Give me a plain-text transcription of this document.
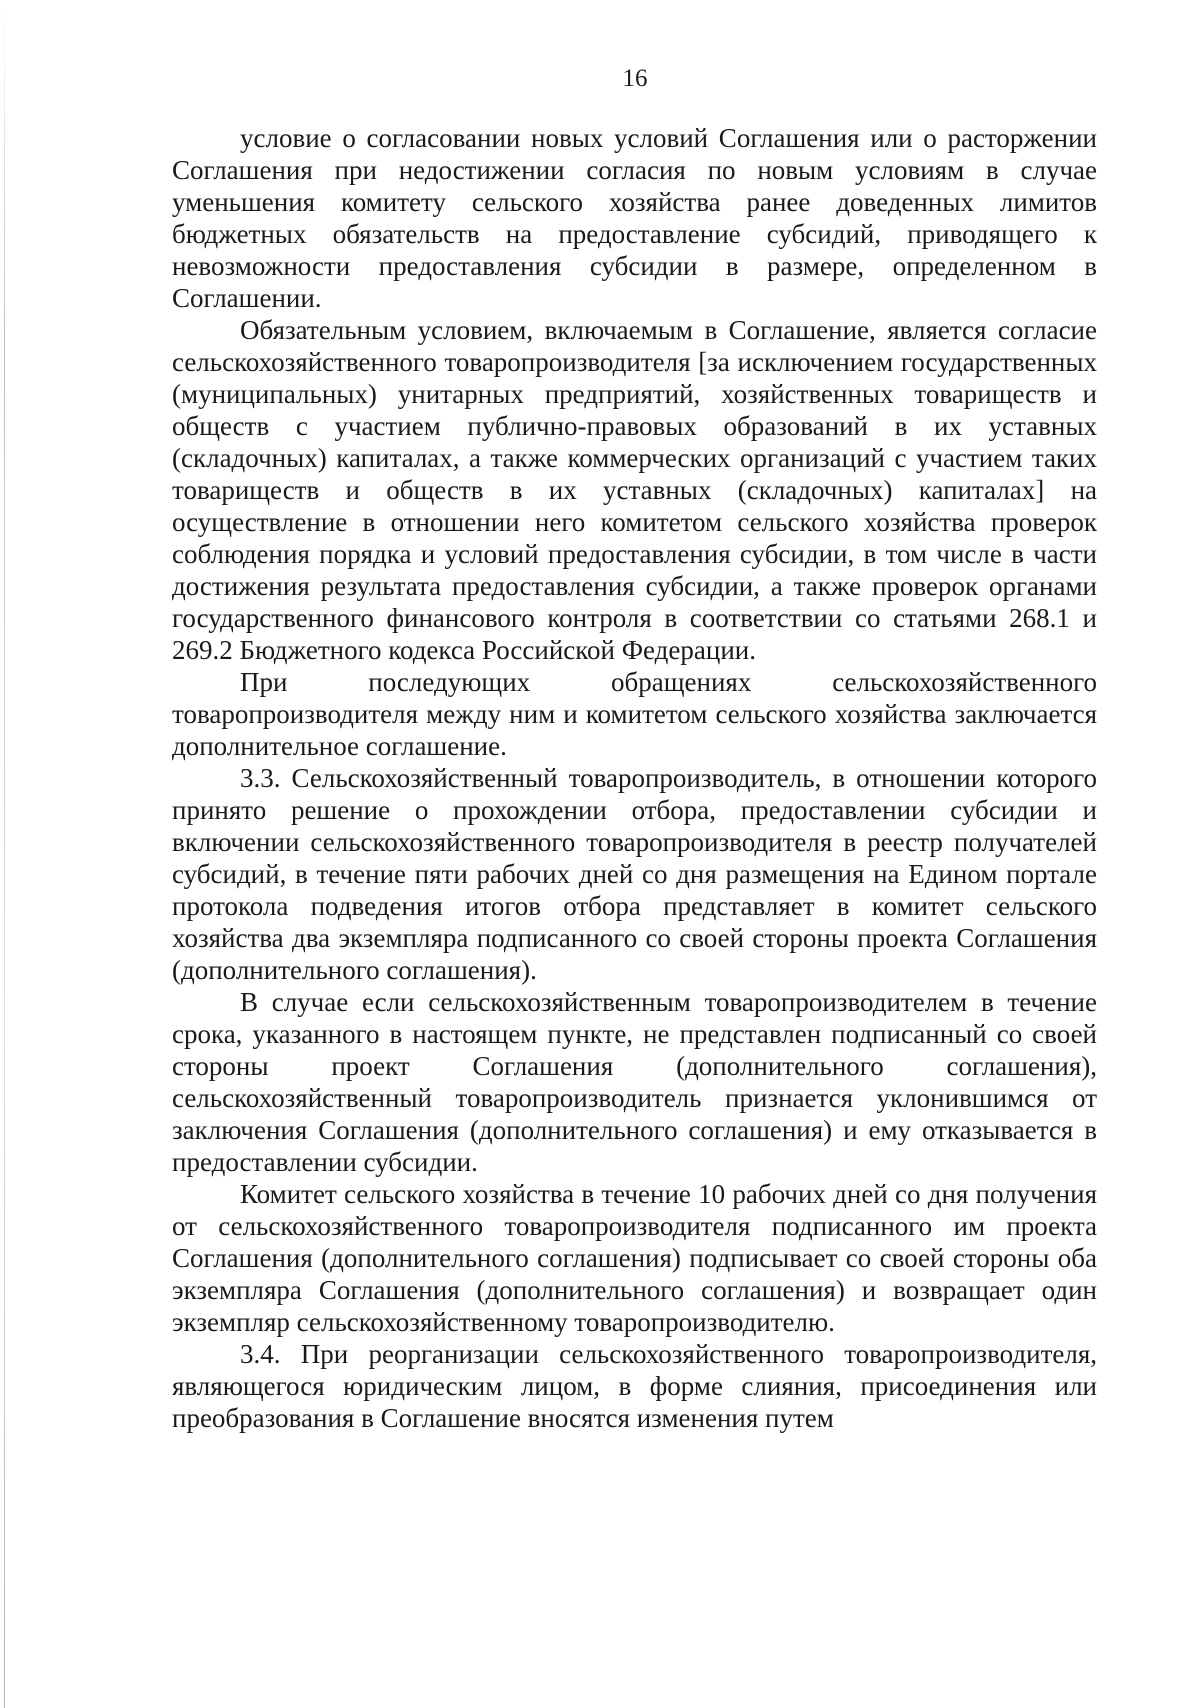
16

условие о согласовании новых условий Соглашения или о расторжении Соглашения при недостижении согласия по новым условиям в случае уменьшения комитету сельского хозяйства ранее доведенных лимитов бюджетных обязательств на предоставление субсидий, приводящего к невозможности предоставления субсидии в размере, определенном в Соглашении.

Обязательным условием, включаемым в Соглашение, является согласие сельскохозяйственного товаропроизводителя [за исключением государственных (муниципальных) унитарных предприятий, хозяйственных товариществ и обществ с участием публично-правовых образований в их уставных (складочных) капиталах, а также коммерческих организаций с участием таких товариществ и обществ в их уставных (складочных) капиталах] на осуществление в отношении него комитетом сельского хозяйства проверок соблюдения порядка и условий предоставления субсидии, в том числе в части достижения результата предоставления субсидии, а также проверок органами государственного финансового контроля в соответствии со статьями 268.1 и 269.2 Бюджетного кодекса Российской Федерации.

При последующих обращениях сельскохозяйственного товаропроизводителя между ним и комитетом сельского хозяйства заключается дополнительное соглашение.

3.3. Сельскохозяйственный товаропроизводитель, в отношении которого принято решение о прохождении отбора, предоставлении субсидии и включении сельскохозяйственного товаропроизводителя в реестр получателей субсидий, в течение пяти рабочих дней со дня размещения на Едином портале протокола подведения итогов отбора представляет в комитет сельского хозяйства два экземпляра подписанного со своей стороны проекта Соглашения (дополнительного соглашения).

В случае если сельскохозяйственным товаропроизводителем в течение срока, указанного в настоящем пункте, не представлен подписанный со своей стороны проект Соглашения (дополнительного соглашения), сельскохозяйственный товаропроизводитель признается уклонившимся от заключения Соглашения (дополнительного соглашения) и ему отказывается в предоставлении субсидии.

Комитет сельского хозяйства в течение 10 рабочих дней со дня получения от сельскохозяйственного товаропроизводителя подписанного им проекта Соглашения (дополнительного соглашения) подписывает со своей стороны оба экземпляра Соглашения (дополнительного соглашения) и возвращает один экземпляр сельскохозяйственному товаропроизводителю.

3.4. При реорганизации сельскохозяйственного товаропроизводителя, являющегося юридическим лицом, в форме слияния, присоединения или преобразования в Соглашение вносятся изменения путем
